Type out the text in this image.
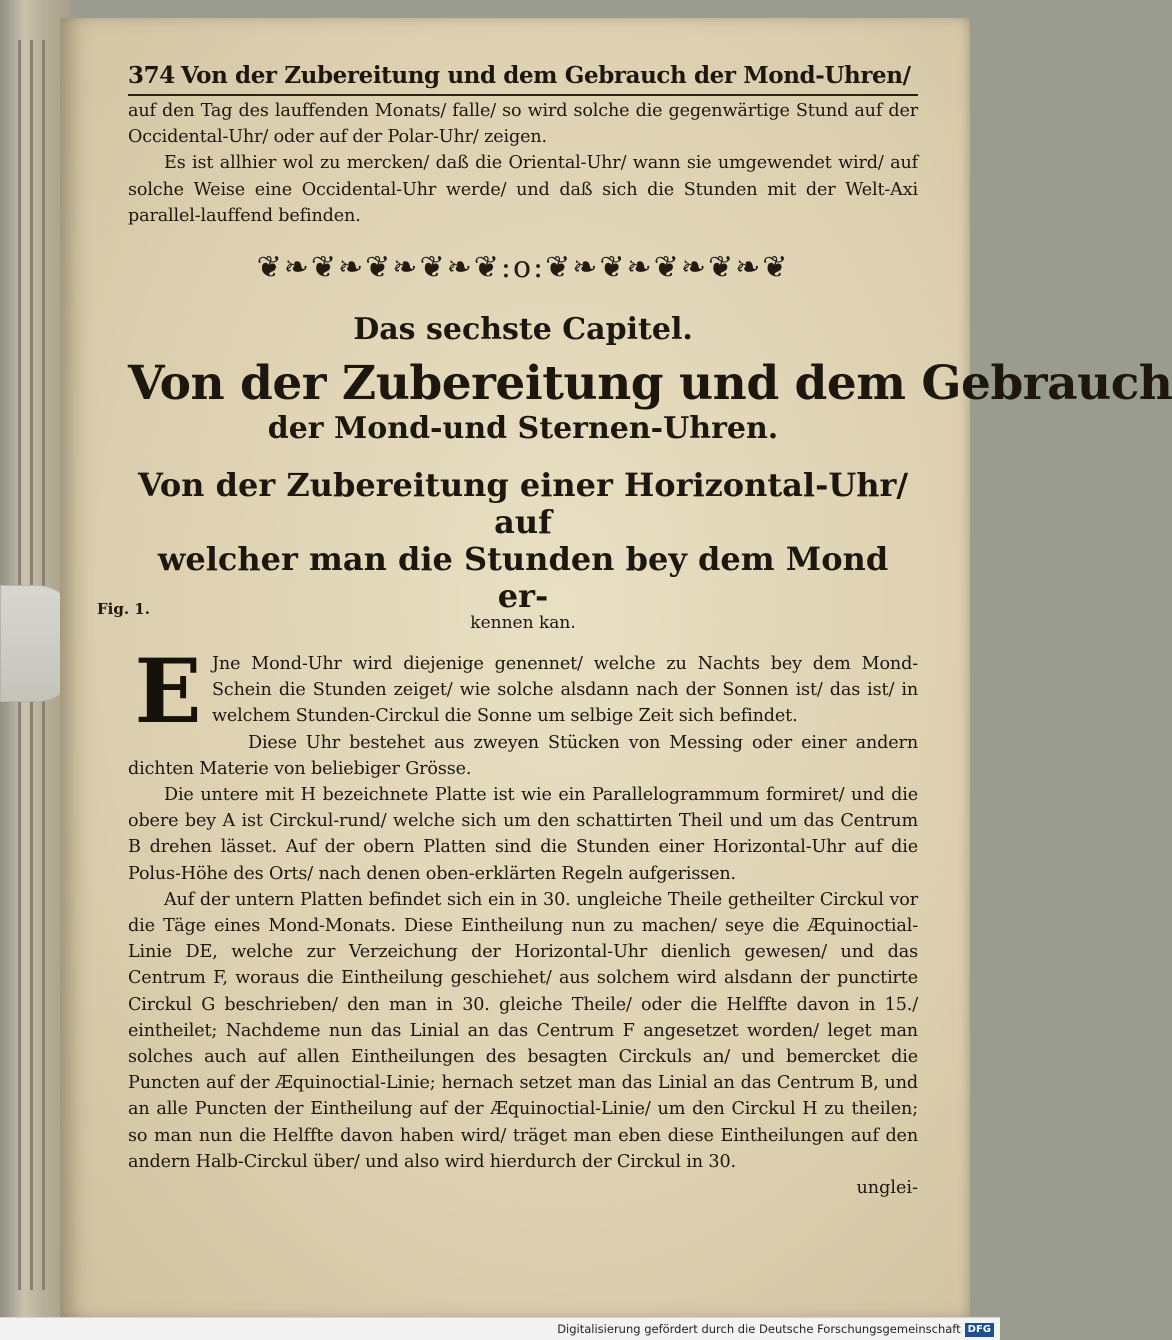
Fig. 1.
374 Von der Zubereitung und dem Gebrauch der Mond-Uhren/

auf den Tag des lauffenden Monats/ falle/ so wird solche die gegenwärtige Stund auf der Occidental-Uhr/ oder auf der Polar-Uhr/ zeigen.

Es ist allhier wol zu mercken/ daß die Oriental-Uhr/ wann sie umgewendet wird/ auf solche Weise eine Occidental-Uhr werde/ und daß sich die Stunden mit der Welt-Axi parallel-lauffend befinden.

❦❧❦❧❦❧❦❧❦:o:❦❧❦❧❦❧❦❧❦
Das sechste Capitel.
Von der Zubereitung und dem Gebrauch
der Mond-und Sternen-Uhren.
Von der Zubereitung einer Horizontal-Uhr/ auf
welcher man die Stunden bey dem Mond er-
kennen kan.
E Jne Mond-Uhr wird diejenige genennet/ welche zu Nachts bey dem Mond-Schein die Stunden zeiget/ wie solche alsdann nach der Sonnen ist/ das ist/ in welchem Stunden-Circkul die Sonne um selbige Zeit sich befindet.

Diese Uhr bestehet aus zweyen Stücken von Messing oder einer andern dichten Materie von beliebiger Grösse.

Die untere mit H bezeichnete Platte ist wie ein Parallelogrammum formiret/ und die obere bey A ist Circkul-rund/ welche sich um den schattirten Theil und um das Centrum B drehen lässet. Auf der obern Platten sind die Stunden einer Horizontal-Uhr auf die Polus-Höhe des Orts/ nach denen oben-erklärten Regeln aufgerissen.

Auf der untern Platten befindet sich ein in 30. ungleiche Theile getheilter Circkul vor die Täge eines Mond-Monats. Diese Eintheilung nun zu machen/ seye die Æquinoctial-Linie DE, welche zur Verzeichung der Horizontal-Uhr dienlich gewesen/ und das Centrum F, woraus die Eintheilung geschiehet/ aus solchem wird alsdann der punctirte Circkul G beschrieben/ den man in 30. gleiche Theile/ oder die Helffte davon in 15./ eintheilet; Nachdeme nun das Linial an das Centrum F angesetzet worden/ leget man solches auch auf allen Eintheilungen des besagten Circkuls an/ und bemercket die Puncten auf der Æquinoctial-Linie; hernach setzet man das Linial an das Centrum B, und an alle Puncten der Eintheilung auf der Æquinoctial-Linie/ um den Circkul H zu theilen; so man nun die Helffte davon haben wird/ träget man eben diese Eintheilungen auf den andern Halb-Circkul über/ und also wird hierdurch der Circkul in 30.

unglei-
Digitalisierung gefördert durch die Deutsche Forschungsgemeinschaft DFG
